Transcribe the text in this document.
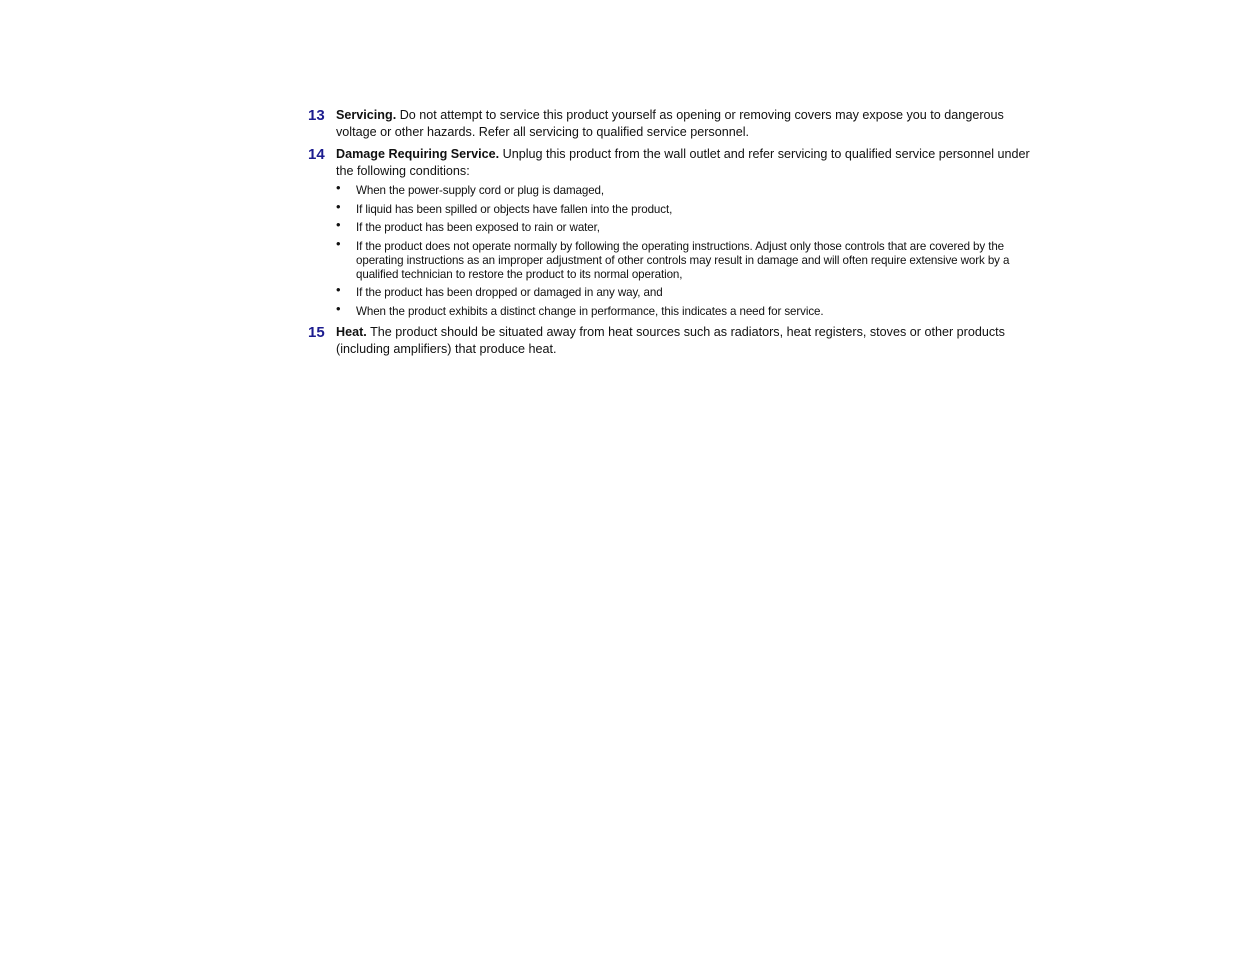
13 Servicing. Do not attempt to service this product yourself as opening or removing covers may expose you to dangerous voltage or other hazards. Refer all servicing to qualified service personnel.
14 Damage Requiring Service. Unplug this product from the wall outlet and refer servicing to qualified service personnel under the following conditions:
• When the power-supply cord or plug is damaged,
• If liquid has been spilled or objects have fallen into the product,
• If the product has been exposed to rain or water,
• If the product does not operate normally by following the operating instructions. Adjust only those controls that are covered by the operating instructions as an improper adjustment of other controls may result in damage and will often require extensive work by a qualified technician to restore the product to its normal operation,
• If the product has been dropped or damaged in any way, and
• When the product exhibits a distinct change in performance, this indicates a need for service.
15 Heat. The product should be situated away from heat sources such as radiators, heat registers, stoves or other products (including amplifiers) that produce heat.
